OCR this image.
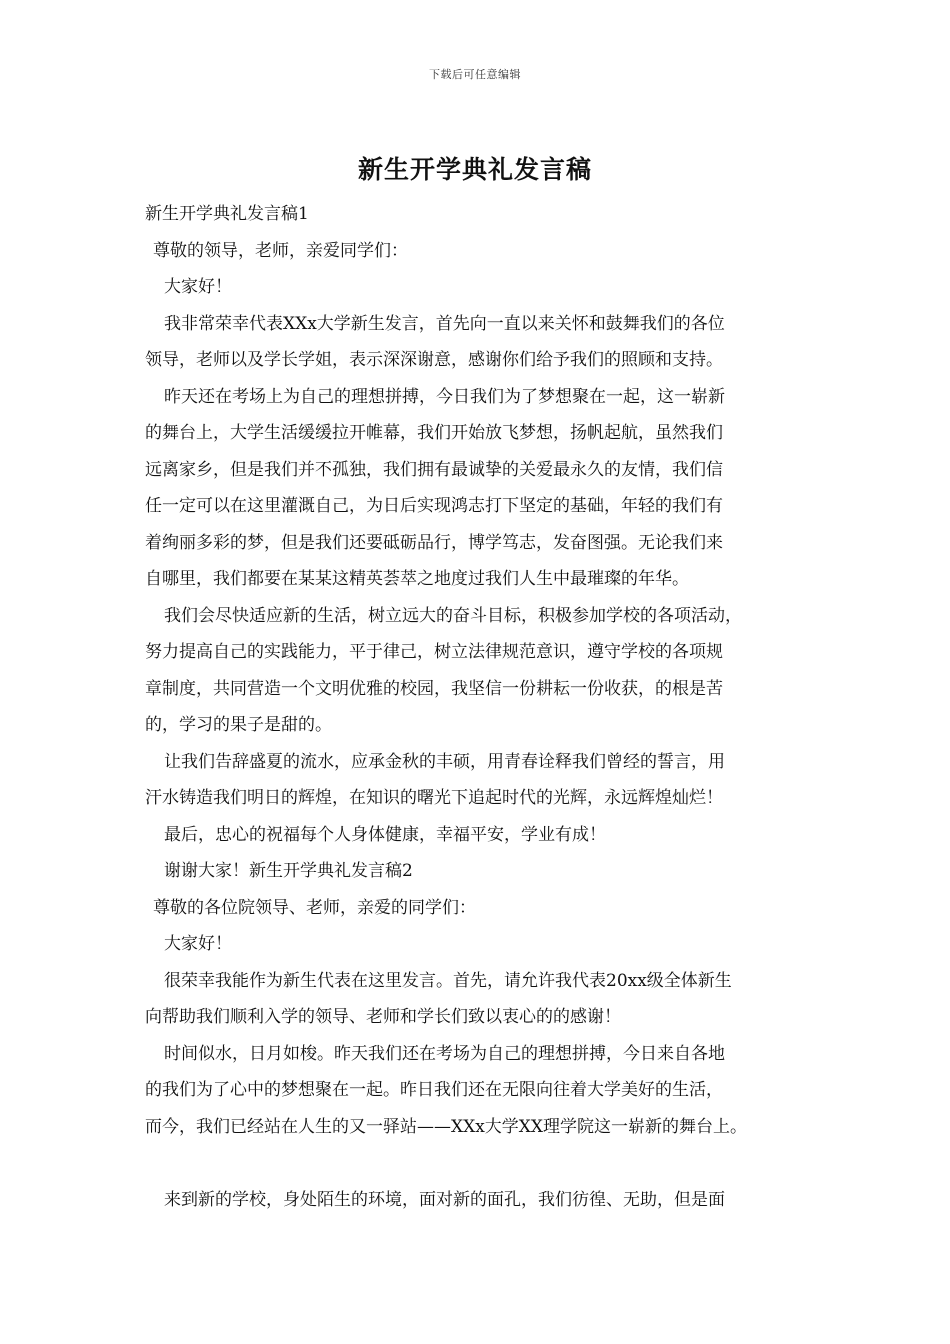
下载后可任意编辑
新生开学典礼发言稿

新生开学典礼发言稿1

尊敬的领导，老师，亲爱同学们：

大家好！

我非常荣幸代表XXx大学新生发言，首先向一直以来关怀和鼓舞我们的各位

领导，老师以及学长学姐，表示深深谢意，感谢你们给予我们的照顾和支持。

昨天还在考场上为自己的理想拼搏，今日我们为了梦想聚在一起，这一崭新

的舞台上，大学生活缓缓拉开帷幕，我们开始放飞梦想，扬帆起航，虽然我们

远离家乡，但是我们并不孤独，我们拥有最诚挚的关爱最永久的友情，我们信

任一定可以在这里灌溉自己，为日后实现鸿志打下坚定的基础，年轻的我们有

着绚丽多彩的梦，但是我们还要砥砺品行，博学笃志，发奋图强。无论我们来

自哪里，我们都要在某某这精英荟萃之地度过我们人生中最璀璨的年华。

我们会尽快适应新的生活，树立远大的奋斗目标，积极参加学校的各项活动，

努力提高自己的实践能力，平于律己，树立法律规范意识，遵守学校的各项规

章制度，共同营造一个文明优雅的校园，我坚信一份耕耘一份收获，的根是苦

的，学习的果子是甜的。

让我们告辞盛夏的流水，应承金秋的丰硕，用青春诠释我们曾经的誓言，用

汗水铸造我们明日的辉煌，在知识的曙光下追起时代的光辉，永远辉煌灿烂！

最后，忠心的祝福每个人身体健康，幸福平安，学业有成！

谢谢大家！新生开学典礼发言稿2

尊敬的各位院领导、老师，亲爱的同学们：

大家好！

很荣幸我能作为新生代表在这里发言。首先，请允许我代表20xx级全体新生

向帮助我们顺利入学的领导、老师和学长们致以衷心的的感谢！

时间似水，日月如梭。昨天我们还在考场为自己的理想拼搏，今日来自各地

的我们为了心中的梦想聚在一起。昨日我们还在无限向往着大学美好的生活，

而今，我们已经站在人生的又一驿站——XXx大学XX理学院这一崭新的舞台上。

来到新的学校，身处陌生的环境，面对新的面孔，我们彷徨、无助，但是面
